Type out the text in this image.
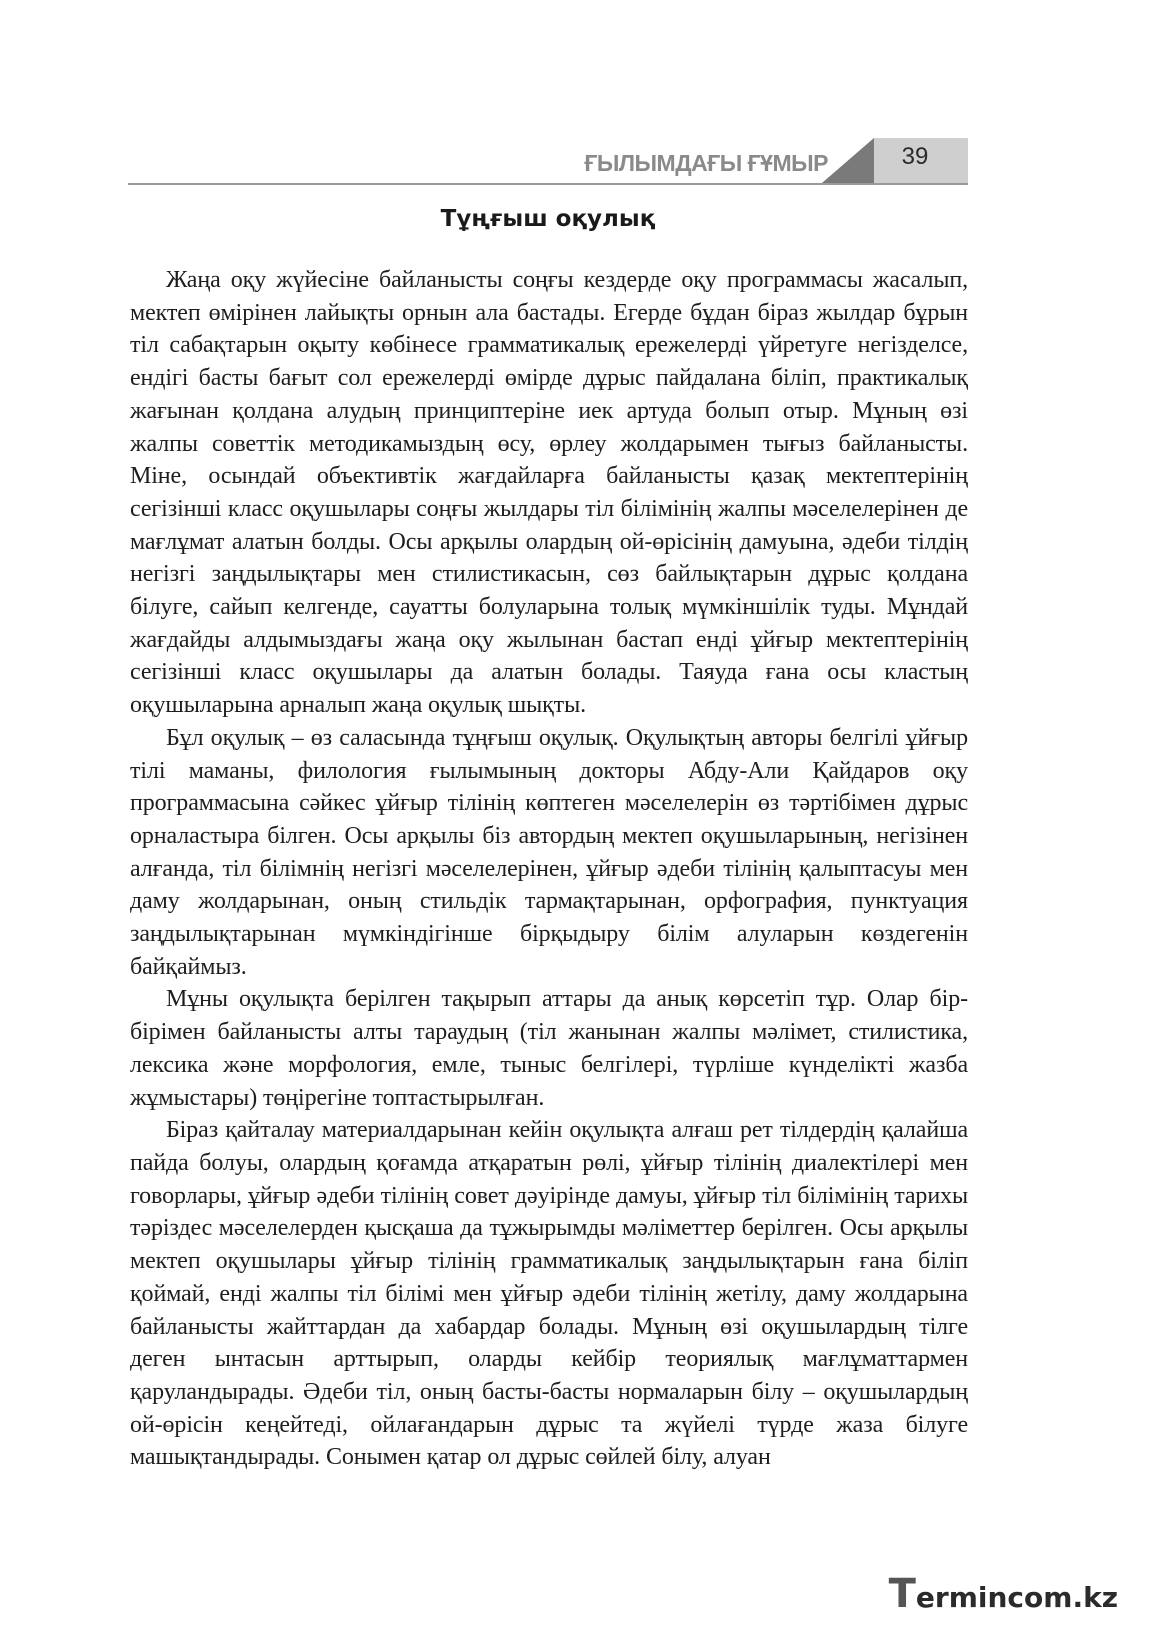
ҒЫЛЫМДАҒЫ ҒҰМЫР	39
Тұңғыш оқулық

Жаңа оқу жүйесіне байланысты соңғы кездерде оқу программасы жасалып, мектеп өмірінен лайықты орнын ала бастады. Егерде бұдан біраз жылдар бұрын тіл сабақтарын оқыту көбінесе грамматикалық ережелерді үйретуге негізделсе, ендігі басты бағыт сол ережелерді өмірде дұрыс пайдалана біліп, практикалық жағынан қолдана алудың принциптеріне иек артуда болып отыр. Мұның өзі жалпы советтік методикамыздың өсу, өрлеу жолдарымен тығыз байланысты. Міне, осындай объективтік жағдайларға байланысты қазақ мектептерінің сегізінші класс оқушылары соңғы жылдары тіл білімінің жалпы мәселелерінен де мағлұмат алатын болды. Осы арқылы олардың ой-өрісінің дамуына, әдеби тілдің негізгі заңдылықтары мен стилистикасын, сөз байлықтарын дұрыс қолдана білуге, сайып келгенде, сауатты болуларына толық мүмкіншілік туды. Мұндай жағдайды алдымыздағы жаңа оқу жылынан бастап енді ұйғыр мектептерінің сегізінші класс оқушылары да алатын болады. Таяуда ғана осы кластың оқушыларына арналып жаңа оқулық шықты.

Бұл оқулық – өз саласында тұңғыш оқулық. Оқулықтың авторы белгілі ұйғыр тілі маманы, филология ғылымының докторы Абду-Али Қайдаров оқу программасына сәйкес ұйғыр тілінің көптеген мәселелерін өз тәртібімен дұрыс орналастыра білген. Осы арқылы біз автордың мектеп оқушыларының, негізінен алғанда, тіл білімнің негізгі мәселелерінен, ұйғыр әдеби тілінің қалыптасуы мен даму жолдарынан, оның стильдік тармақтарынан, орфография, пунктуация заңдылықтарынан мүмкіндігінше бірқыдыру білім алуларын көздегенін байқаймыз.

Мұны оқулықта берілген тақырып аттары да анық көрсетіп тұр. Олар бір-бірімен байланысты алты тараудың (тіл жанынан жалпы мәлімет, стилистика, лексика және морфология, емле, тыныс белгілері, түрліше күнделікті жазба жұмыстары) төңірегіне топтастырылған.

Біраз қайталау материалдарынан кейін оқулықта алғаш рет тілдердің қалайша пайда болуы, олардың қоғамда атқаратын рөлі, ұйғыр тілінің диалектілері мен говорлары, ұйғыр әдеби тілінің совет дәуірінде дамуы, ұйғыр тіл білімінің тарихы тәріздес мәселелерден қысқаша да тұжырымды мәліметтер берілген. Осы арқылы мектеп оқушылары ұйғыр тілінің грамматикалық заңдылықтарын ғана біліп қоймай, енді жалпы тіл білімі мен ұйғыр әдеби тілінің жетілу, даму жолдарына байланысты жайттардан да хабардар болады. Мұның өзі оқушылардың тілге деген ынтасын арттырып, оларды кейбір теориялық мағлұматтармен қаруландырады. Әдеби тіл, оның басты-басты нормаларын білу – оқушылардың ой-өрісін кеңейтеді, ойлағандарын дұрыс та жүйелі түрде жаза білуге машықтандырады. Сонымен қатар ол дұрыс сөйлей білу, алуан

Termincom.kz
